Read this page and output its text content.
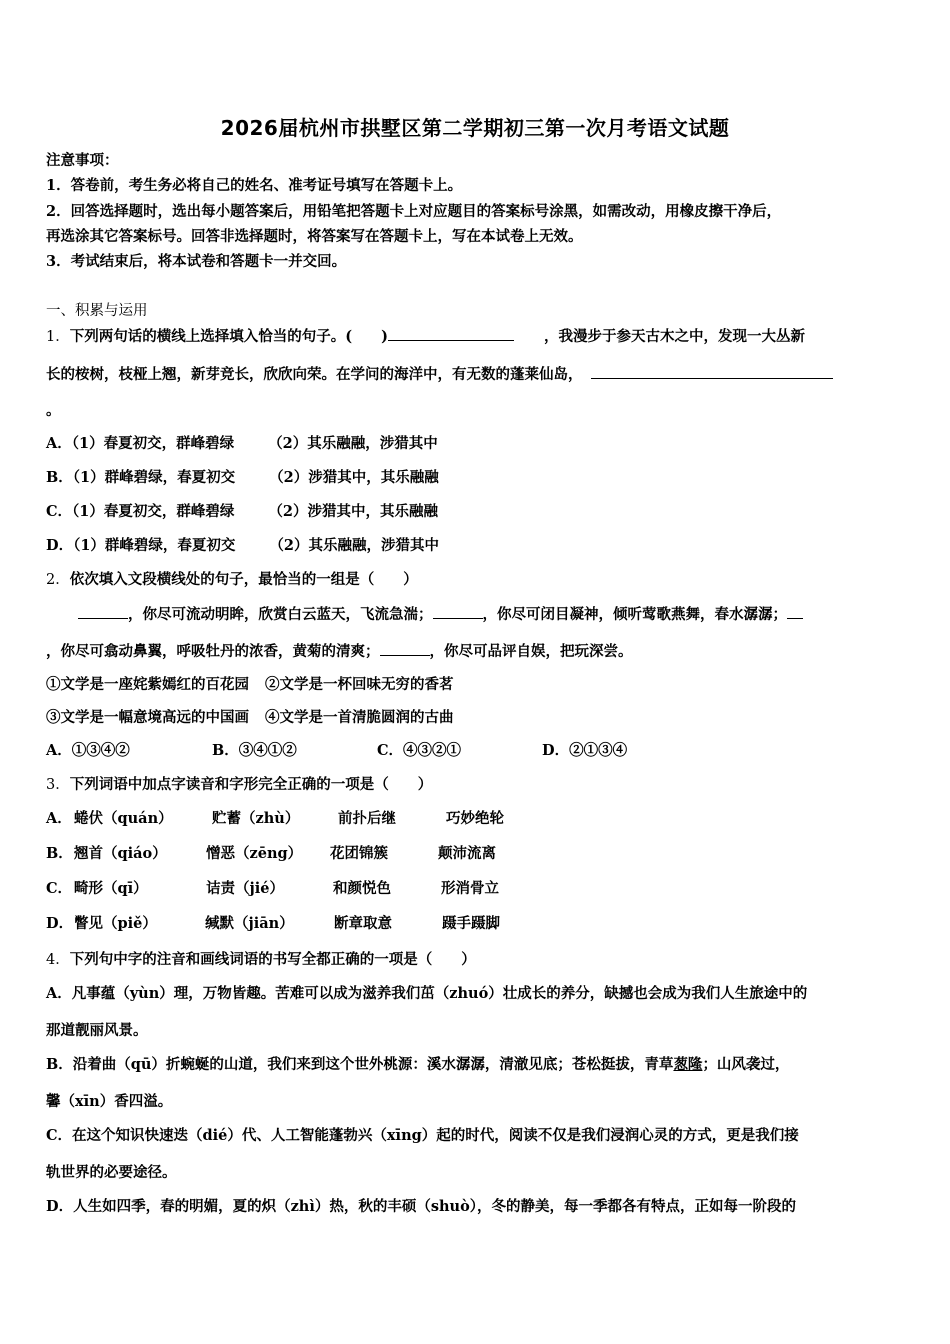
2026届杭州市拱墅区第二学期初三第一次月考语文试题
注意事项：
1．答卷前，考生务必将自己的姓名、准考证号填写在答题卡上。
2．回答选择题时，选出每小题答案后，用铅笔把答题卡上对应题目的答案标号涂黑，如需改动，用橡皮擦干净后，
再选涂其它答案标号。回答非选择题时，将答案写在答题卡上，写在本试卷上无效。
3．考试结束后，将本试卷和答题卡一并交回。
一、积累与运用
1．下列两句话的横线上选择填入恰当的句子。(　　)	，我漫步于参天古木之中，发现一大丛新
长的桉树，枝桠上翘，新芽竞长，欣欣向荣。在学问的海洋中，有无数的蓬莱仙岛，
。
A．（1）春夏初交，群峰碧绿 （2）其乐融融，涉猎其中
B．（1）群峰碧绿，春夏初交 （2）涉猎其中，其乐融融
C．（1）春夏初交，群峰碧绿 （2）涉猎其中，其乐融融
D．（1）群峰碧绿，春夏初交 （2）其乐融融，涉猎其中
2．依次填入文段横线处的句子，最恰当的一组是（　　）
，你尽可流动明眸，欣赏白云蓝天，飞流急湍；	，你尽可闭目凝神，倾听莺歌燕舞，春水潺潺；
，你尽可翕动鼻翼，呼吸牡丹的浓香，黄菊的清爽；	，你尽可品评自娱，把玩深尝。
①文学是一座姹紫嫣红的百花园 ②文学是一杯回味无穷的香茗
③文学是一幅意境高远的中国画 ④文学是一首清脆圆润的古曲
A．①③④②	B．③④①②	C．④③②①	D．②①③④
3．下列词语中加点字读音和字形完全正确的一项是（　　）
A． 蜷伏（quán）	贮蓄（zhù）	前扑后继	巧妙绝轮
B． 翘首（qiáo）	憎恶（zēng） 花团锦簇	颠沛流离
C． 畸形（qī）	诘责（jié）	和颜悦色	形消骨立
D． 瞥见（piě）	缄默（jiān）	断章取意	蹑手蹑脚
4．下列句中字的注音和画线词语的书写全都正确的一项是（　　）
A．凡事蕴（yùn）理，万物皆趣。苦难可以成为滋养我们茁（zhuó）壮成长的养分，缺撼也会成为我们人生旅途中的
那道靓丽风景。
B．沿着曲（qū）折蜿蜒的山道，我们来到这个世外桃源：溪水潺潺，清澈见底；苍松挺拔，青草葱隆；山风袭过，
馨（xīn）香四溢。
C．在这个知识快速迭（dié）代、人工智能蓬勃兴（xīng）起的时代，阅读不仅是我们浸润心灵的方式，更是我们接
轨世界的必要途径。
D．人生如四季，春的明媚，夏的炽（zhì）热，秋的丰硕（shuò），冬的静美，每一季都各有特点，正如每一阶段的
